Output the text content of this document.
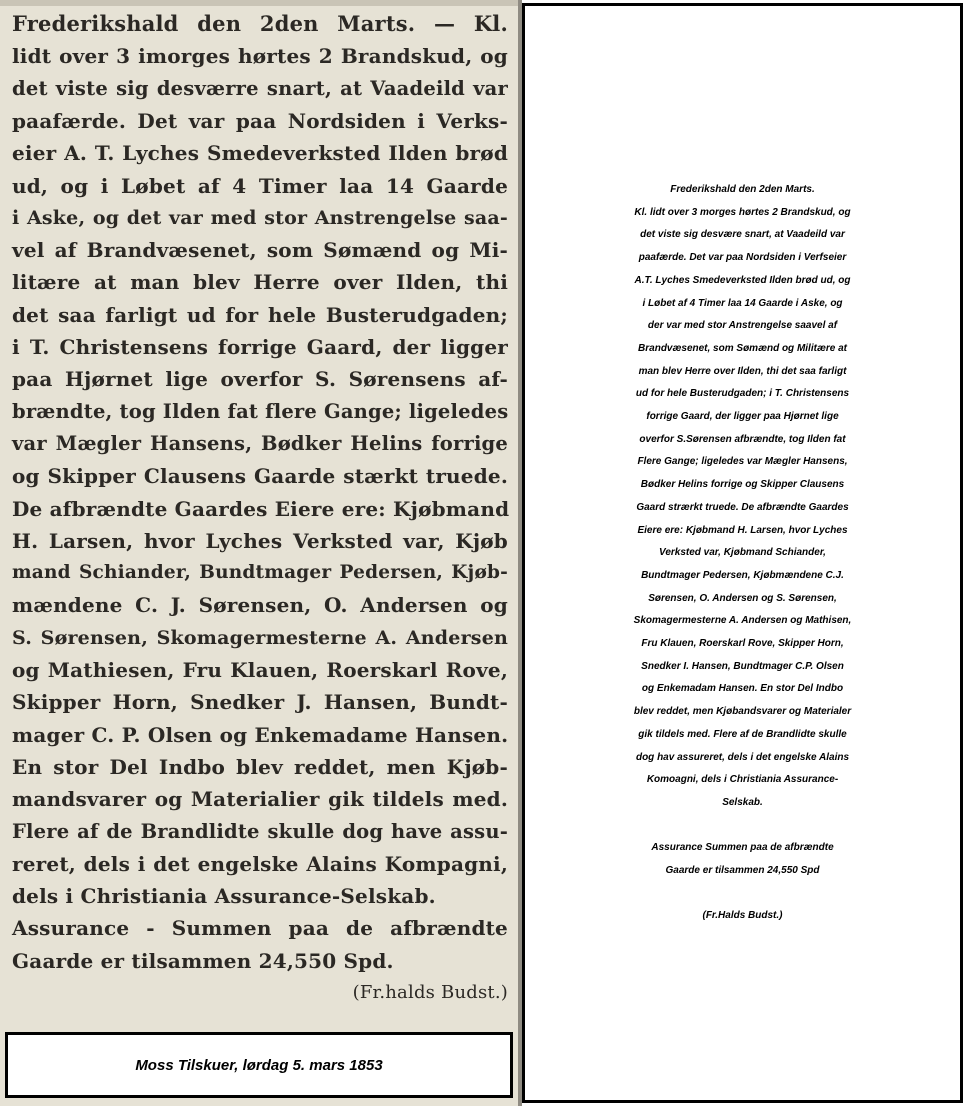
Frederikshald den 2den Marts. — Kl.
lidt over 3 imorges hørtes 2 Brandskud, og
det viste sig desværre snart, at Vaadeild var
paafærde. Det var paa Nordsiden i Verks-
eier A. T. Lyches Smedeverksted Ilden brød
ud, og i Løbet af 4 Timer laa 14 Gaarde
i Aske, og det var med stor Anstrengelse saa-
vel af Brandvæsenet, som Sømænd og Mi-
litære at man blev Herre over Ilden, thi
det saa farligt ud for hele Busterudgaden;
i T. Christensens forrige Gaard, der ligger
paa Hjørnet lige overfor S. Sørensens af-
brændte, tog Ilden fat flere Gange; ligeledes
var Mægler Hansens, Bødker Helins forrige
og Skipper Clausens Gaarde stærkt truede.
De afbrændte Gaardes Eiere ere: Kjøbmand
H. Larsen, hvor Lyches Verksted var, Kjøb
mand Schiander, Bundtmager Pedersen, Kjøb-
mændene C. J. Sørensen, O. Andersen og
S. Sørensen, Skomagermesterne A. Andersen
og Mathiesen, Fru Klauen, Roerskarl Rove,
Skipper Horn, Snedker J. Hansen, Bundt-
mager C. P. Olsen og Enkemadame Hansen.
En stor Del Indbo blev reddet, men Kjøb-
mandsvarer og Materialier gik tildels med.
Flere af de Brandlidte skulle dog have assu-
reret, dels i det engelske Alains Kompagni,
dels i Christiania Assurance-Selskab.
Assurance - Summen paa de afbrændte
Gaarde er tilsammen 24,550 Spd.
(Fr.halds Budst.)
Moss Tilskuer, lørdag 5. mars 1853
Frederikshald den 2den Marts.
Kl. lidt over 3 morges hørtes 2 Brandskud, og
det viste sig desvære snart, at Vaadeild var
paafærde. Det var paa Nordsiden i Verfseier
A.T. Lyches Smedeverksted Ilden brød ud, og
i Løbet af 4 Timer laa 14 Gaarde i Aske, og
der var med stor Anstrengelse saavel af
Brandvæsenet, som Sømænd og Militære at
man blev Herre over Ilden, thi det saa farligt
ud for hele Busterudgaden; i T. Christensens
forrige Gaard, der ligger paa Hjørnet lige
overfor S.Sørensen afbrændte, tog Ilden fat
Flere Gange; ligeledes var Mægler Hansens,
Bødker Helins forrige og Skipper Clausens
Gaard strærkt truede. De afbrændte Gaardes
Eiere ere: Kjøbmand H. Larsen, hvor Lyches
Verksted var, Kjøbmand Schiander,
Bundtmager Pedersen, Kjøbmændene C.J.
Sørensen, O. Andersen og S. Sørensen,
Skomagermesterne A. Andersen og Mathisen,
Fru Klauen, Roerskarl Rove, Skipper Horn,
Snedker I. Hansen, Bundtmager C.P. Olsen
og Enkemadam Hansen. En stor Del Indbo
blev reddet, men Kjøbandsvarer og Materialer
gik tildels med. Flere af de Brandlidte skulle
dog hav assureret, dels i det engelske Alains
Komoagni, dels i Christiania Assurance-
Selskab.
Assurance Summen paa de afbrændte
Gaarde er tilsammen 24,550 Spd
(Fr.Halds Budst.)
